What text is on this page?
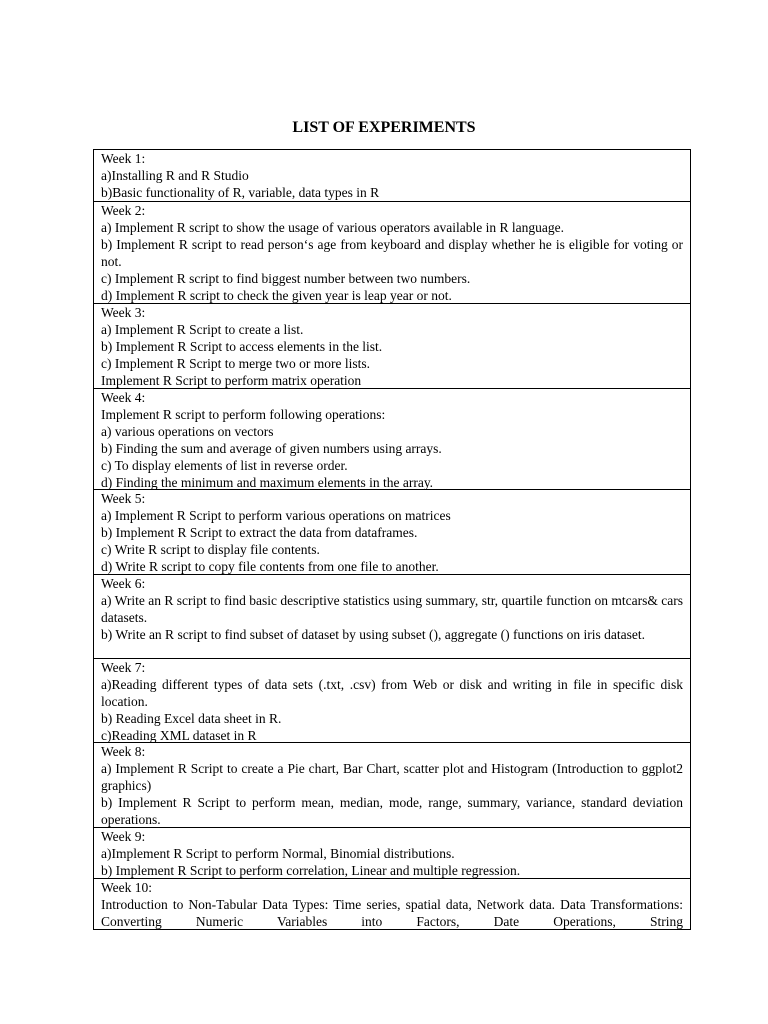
LIST OF EXPERIMENTS
Week 1:
a)Installing R and R Studio
b)Basic functionality of R, variable, data types in R
Week 2:
a) Implement R script to show the usage of various operators available in R language.
b) Implement R script to read person‘s age from keyboard and display whether he is eligible for voting or not.
c) Implement R script to find biggest number between two numbers.
d) Implement R script to check the given year is leap year or not.
Week 3:
a) Implement R Script to create a list.
b) Implement R Script to access elements in the list.
c) Implement R Script to merge two or more lists.
Implement R Script to perform matrix operation
Week 4:
Implement R script to perform following operations:
a) various operations on vectors
b) Finding the sum and average of given numbers using arrays.
c) To display elements of list in reverse order.
d) Finding the minimum and maximum elements in the array.
Week 5:
a) Implement R Script to perform various operations on matrices
b) Implement R Script to extract the data from dataframes.
c) Write R script to display file contents.
d) Write R script to copy file contents from one file to another.
Week 6:
a) Write an R script to find basic descriptive statistics using summary, str, quartile function on mtcars& cars datasets.
b) Write an R script to find subset of dataset by using subset (), aggregate () functions on iris dataset.
Week 7:
a)Reading different types of data sets (.txt, .csv) from Web or disk and writing in file in specific disk location.
b) Reading Excel data sheet in R.
c)Reading XML dataset in R
Week 8:
a) Implement R Script to create a Pie chart, Bar Chart, scatter plot and Histogram (Introduction to ggplot2 graphics)
b) Implement R Script to perform mean, median, mode, range, summary, variance, standard deviation operations.
Week 9:
a)Implement R Script to perform Normal, Binomial distributions.
b) Implement R Script to perform correlation, Linear and multiple regression.
Week 10:
Introduction to Non-Tabular Data Types: Time series, spatial data, Network data. Data Transformations: Converting Numeric Variables into Factors, Date Operations, String
